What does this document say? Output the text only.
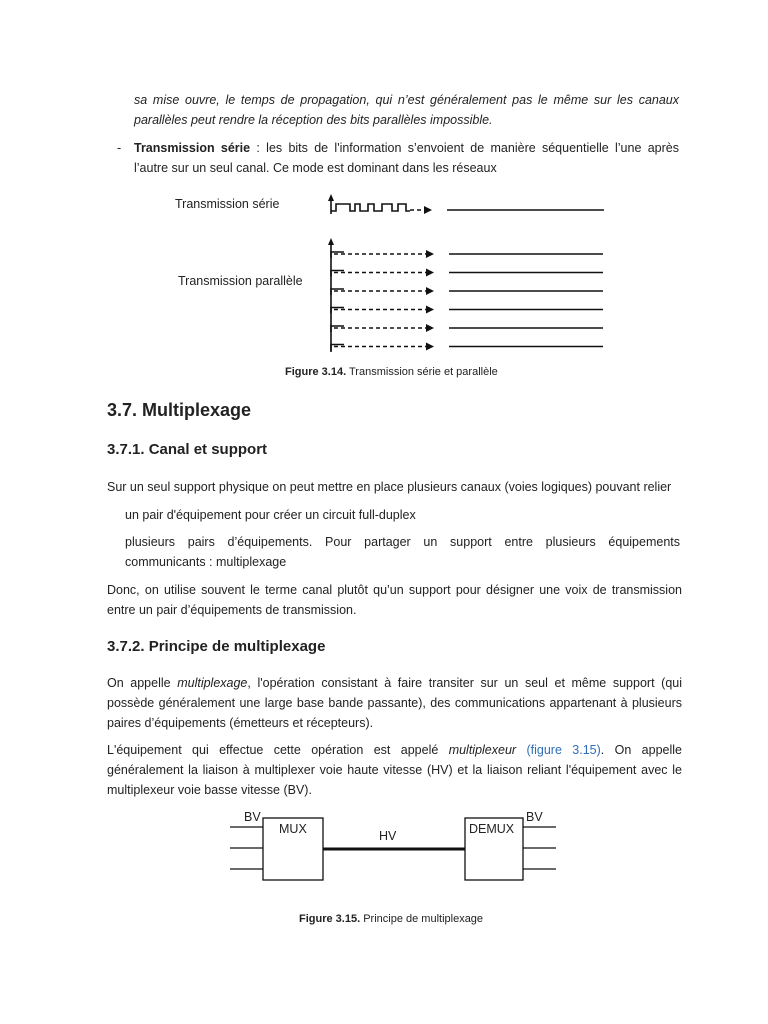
sa mise ouvre, le temps de propagation, qui n’est généralement pas le même sur les canaux parallèles peut rendre la réception des bits parallèles impossible.
- Transmission série : les bits de l'information s’envoient de manière séquentielle l’une après l’autre sur un seul canal. Ce mode est dominant dans les réseaux
Transmission série
Transmission parallèle
Figure 3.14. Transmission série et parallèle
3.7. Multiplexage
3.7.1. Canal et support
Sur un seul support physique on peut mettre en place plusieurs canaux (voies logiques) pouvant relier
un pair d'équipement pour créer un circuit full-duplex
plusieurs pairs d’équipements. Pour partager un support entre plusieurs équipements communicants : multiplexage
Donc, on utilise souvent le terme canal plutôt qu’un support pour désigner une voix de transmission entre un pair d’équipements de transmission.
3.7.2. Principe de multiplexage
On appelle multiplexage, l'opération consistant à faire transiter sur un seul et même support (qui possède généralement une large base bande passante), des communications appartenant à plusieurs paires d’équipements (émetteurs et récepteurs).
L'équipement qui effectue cette opération est appelé multiplexeur (figure 3.15). On appelle généralement la liaison à multiplexer voie haute vitesse (HV) et la liaison reliant l'équipement avec le multiplexeur voie basse vitesse (BV).
BV
MUX	HV	DEMUX
BV
Figure 3.15. Principe de multiplexage
